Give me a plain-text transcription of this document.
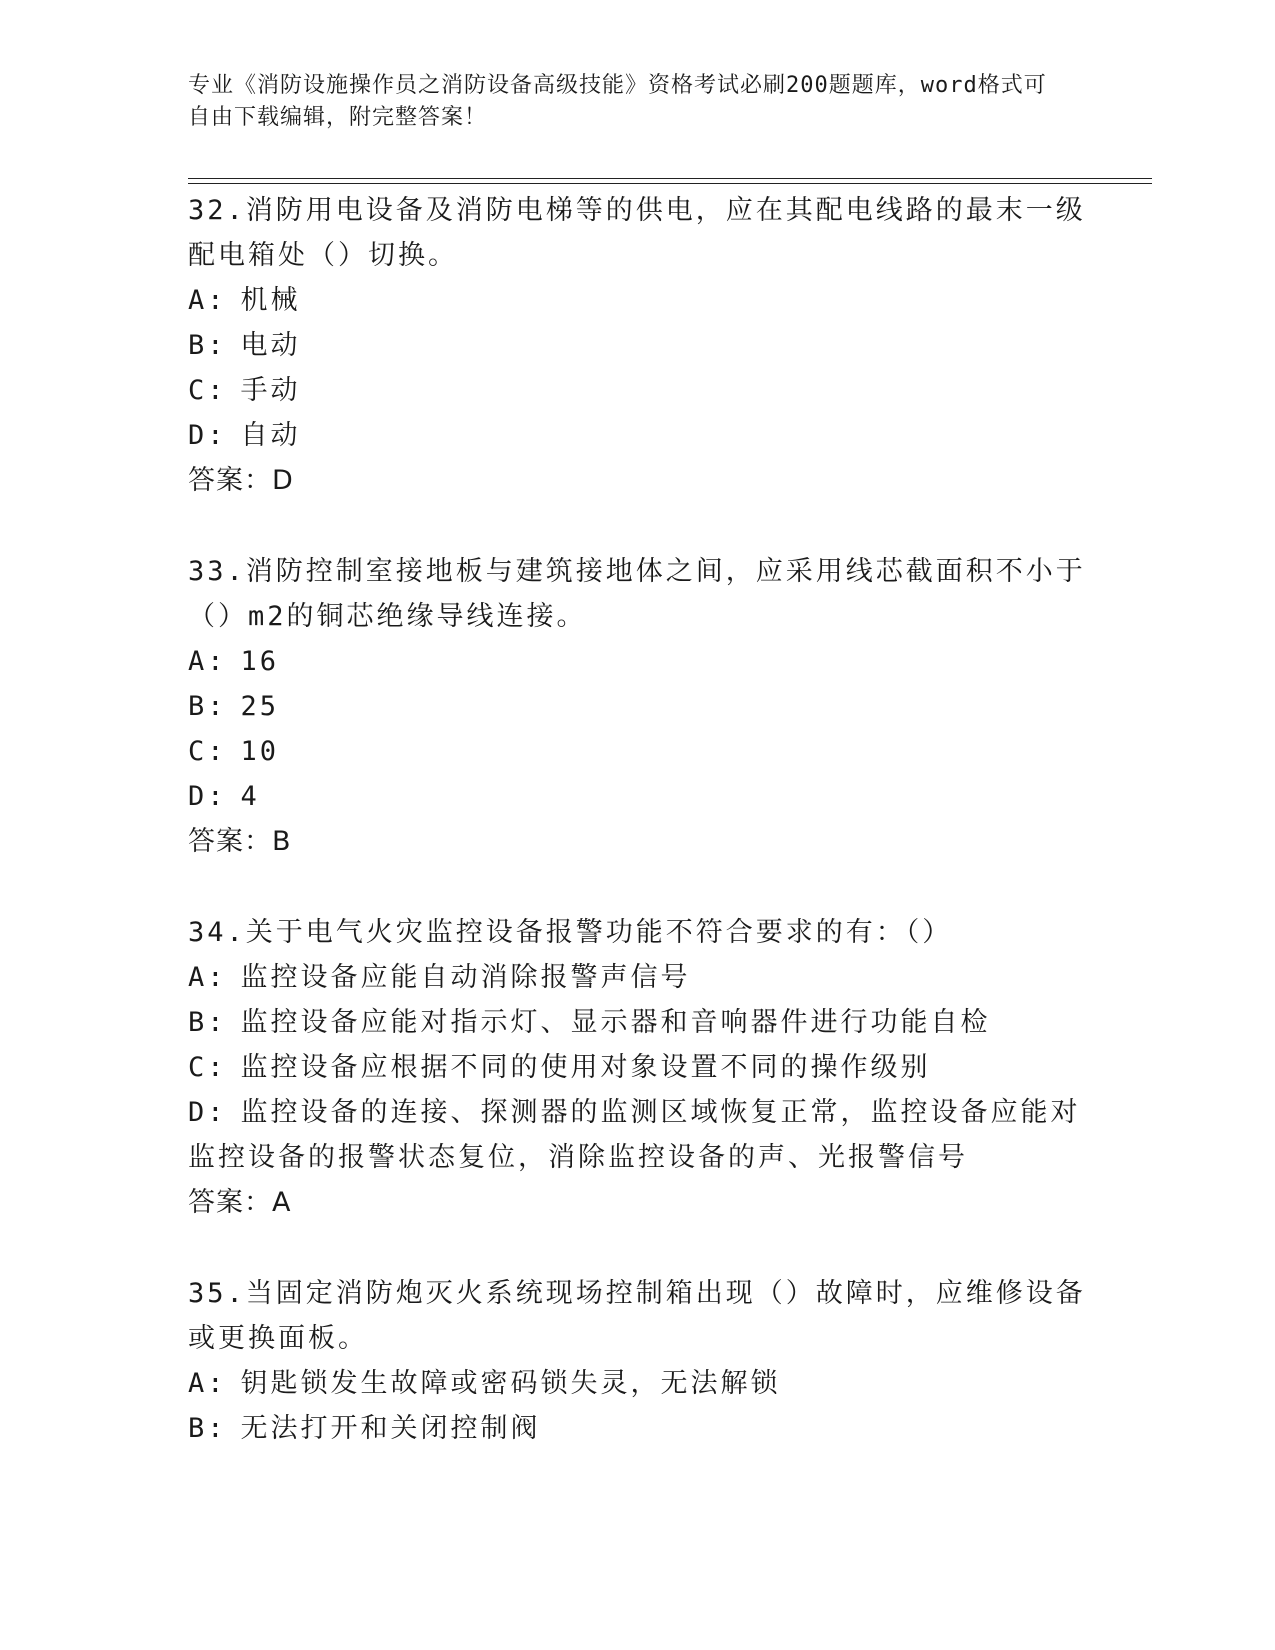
专业《消防设施操作员之消防设备高级技能》资格考试必刷200题题库，word格式可自由下载编辑，附完整答案！
32.消防用电设备及消防电梯等的供电，应在其配电线路的最末一级配电箱处（）切换。
A: 机械
B: 电动
C: 手动
D: 自动
答案：D
33.消防控制室接地板与建筑接地体之间，应采用线芯截面积不小于（）m2的铜芯绝缘导线连接。
A: 16
B: 25
C: 10
D: 4
答案：B
34.关于电气火灾监控设备报警功能不符合要求的有：（）
A: 监控设备应能自动消除报警声信号
B: 监控设备应能对指示灯、显示器和音响器件进行功能自检
C: 监控设备应根据不同的使用对象设置不同的操作级别
D: 监控设备的连接、探测器的监测区域恢复正常，监控设备应能对监控设备的报警状态复位，消除监控设备的声、光报警信号
答案：A
35.当固定消防炮灭火系统现场控制箱出现（）故障时，应维修设备或更换面板。
A: 钥匙锁发生故障或密码锁失灵，无法解锁
B: 无法打开和关闭控制阀
